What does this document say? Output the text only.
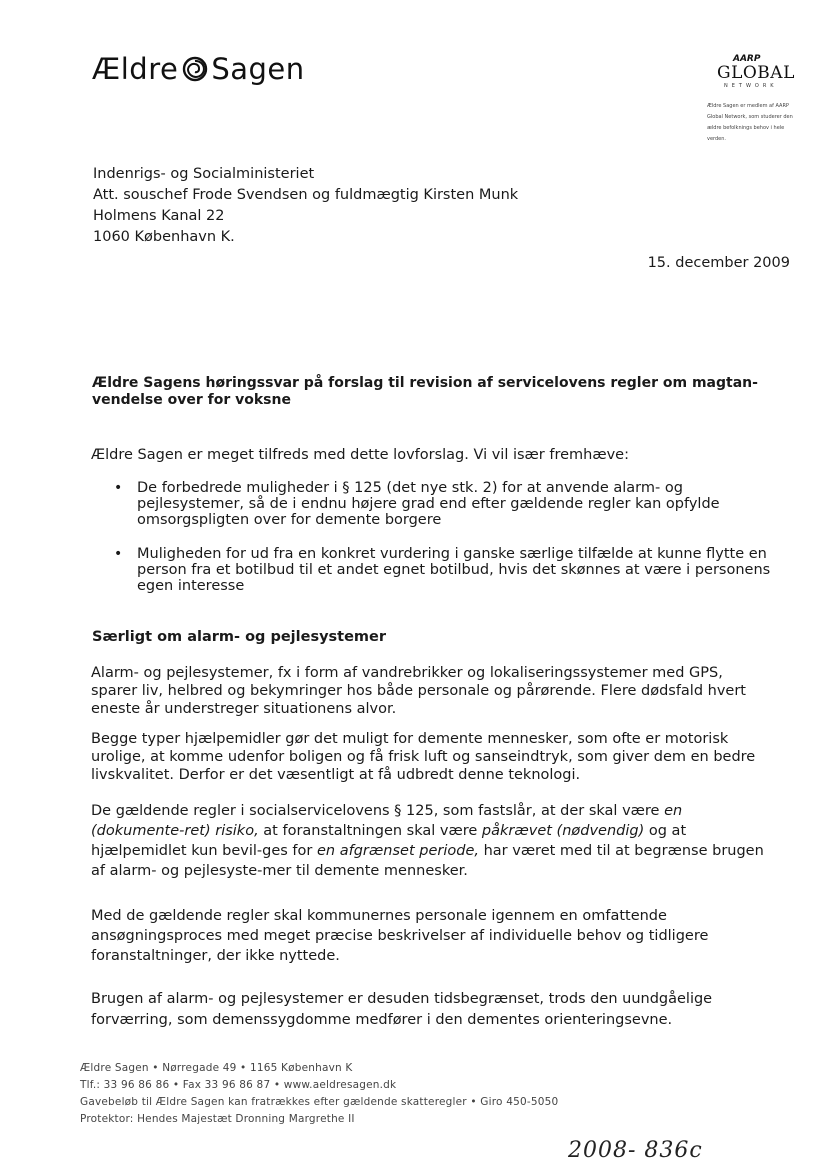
Ældre Sagen	AARP
GLOBAL
NETWORK
Ældre Sagen er medlem af AARP Global Network, som studerer den ældre befolknings behov i hele verden.
Indenrigs- og Socialministeriet
Att. souschef Frode Svendsen og fuldmægtig Kirsten Munk
Holmens Kanal 22
1060 København K.
15. december 2009
Ældre Sagens høringssvar på forslag til revision af servicelovens regler om magtan-vendelse over for voksne
Ældre Sagen er meget tilfreds med dette lovforslag. Vi vil især fremhæve:
• De forbedrede muligheder i § 125 (det nye stk. 2) for at anvende alarm- og pejlesystemer, så de i endnu højere grad end efter gældende regler kan opfylde omsorgspligten over for demente borgere
• Muligheden for ud fra en konkret vurdering i ganske særlige tilfælde at kunne flytte en person fra et botilbud til et andet egnet botilbud, hvis det skønnes at være i personens egen interesse
Særligt om alarm- og pejlesystemer
Alarm- og pejlesystemer, fx i form af vandrebrikker og lokaliseringssystemer med GPS, sparer liv, helbred og bekymringer hos både personale og pårørende. Flere dødsfald hvert eneste år understreger situationens alvor.
Begge typer hjælpemidler gør det muligt for demente mennesker, som ofte er motorisk urolige, at komme udenfor boligen og få frisk luft og sanseindtryk, som giver dem en bedre livskvalitet. Derfor er det væsentligt at få udbredt denne teknologi.
De gældende regler i socialservicelovens § 125, som fastslår, at der skal være en (dokumente-ret) risiko, at foranstaltningen skal være påkrævet (nødvendig) og at hjælpemidlet kun bevil-ges for en afgrænset periode, har været med til at begrænse brugen af alarm- og pejlesyste-mer til demente mennesker.
Med de gældende regler skal kommunernes personale igennem en omfattende ansøgningsproces med meget præcise beskrivelser af individuelle behov og tidligere foranstaltninger, der ikke nyttede.
Brugen af alarm- og pejlesystemer er desuden tidsbegrænset, trods den uundgåelige forværring, som demenssygdomme medfører i den dementes orienteringsevne.
Ældre Sagen • Nørregade 49 • 1165 København K
Tlf.: 33 96 86 86 • Fax 33 96 86 87 • www.aeldresagen.dk
Gavebeløb til Ældre Sagen kan fratrækkes efter gældende skatteregler • Giro 450-5050
Protektor: Hendes Majestæt Dronning Margrethe II
2008- 836c
